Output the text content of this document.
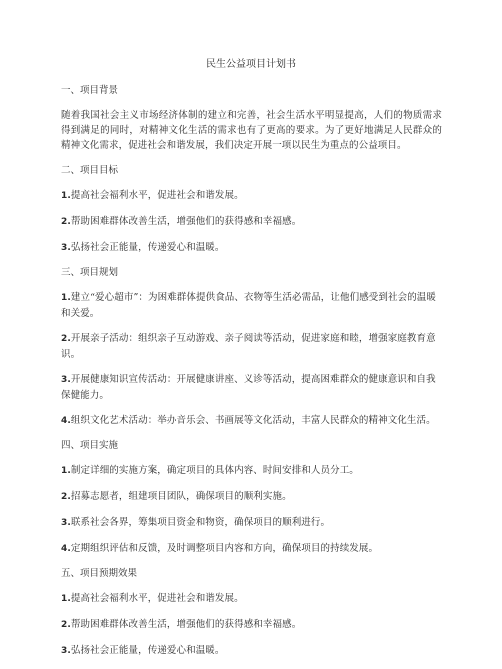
民生公益项目计划书
一、项目背景
随着我国社会主义市场经济体制的建立和完善，社会生活水平明显提高，人们的物质需求得到满足的同时，对精神文化生活的需求也有了更高的要求。为了更好地满足人民群众的精神文化需求，促进社会和谐发展，我们决定开展一项以民生为重点的公益项目。
二、项目目标
1.提高社会福利水平，促进社会和谐发展。
2.帮助困难群体改善生活，增强他们的获得感和幸福感。
3.弘扬社会正能量，传递爱心和温暖。
三、项目规划
1.建立“爱心超市”：为困难群体提供食品、衣物等生活必需品，让他们感受到社会的温暖和关爱。
2.开展亲子活动：组织亲子互动游戏、亲子阅读等活动，促进家庭和睦，增强家庭教育意识。
3.开展健康知识宣传活动：开展健康讲座、义诊等活动，提高困难群众的健康意识和自我保健能力。
4.组织文化艺术活动：举办音乐会、书画展等文化活动，丰富人民群众的精神文化生活。
四、项目实施
1.制定详细的实施方案，确定项目的具体内容、时间安排和人员分工。
2.招募志愿者，组建项目团队，确保项目的顺利实施。
3.联系社会各界，筹集项目资金和物资，确保项目的顺利进行。
4.定期组织评估和反馈，及时调整项目内容和方向，确保项目的持续发展。
五、项目预期效果
1.提高社会福利水平，促进社会和谐发展。
2.帮助困难群体改善生活，增强他们的获得感和幸福感。
3.弘扬社会正能量，传递爱心和温暖。
